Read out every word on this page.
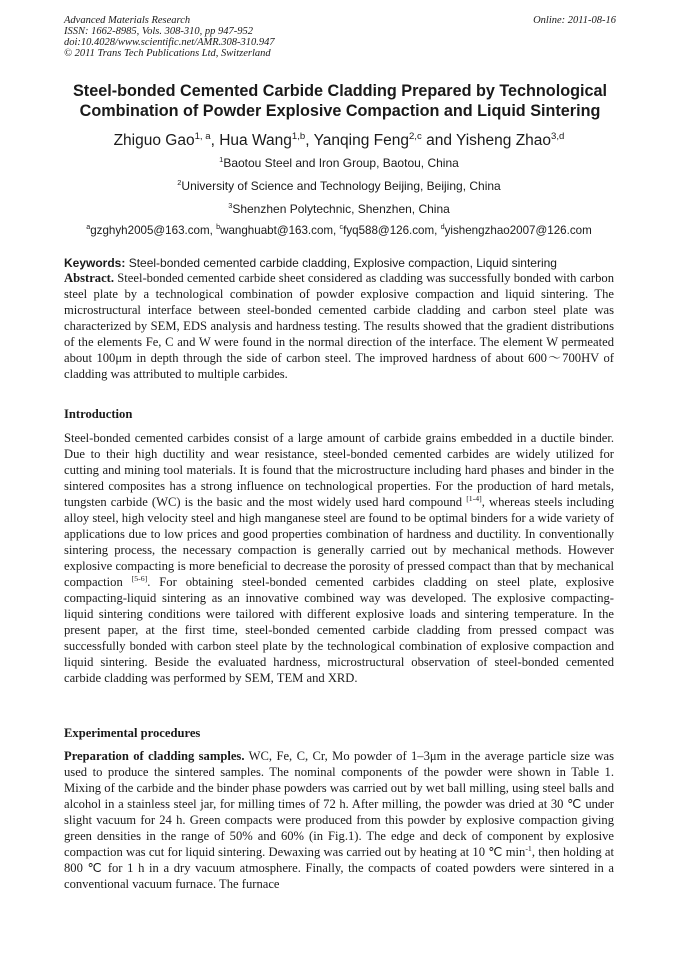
Advanced Materials Research
ISSN: 1662-8985, Vols. 308-310, pp 947-952
doi:10.4028/www.scientific.net/AMR.308-310.947
© 2011 Trans Tech Publications Ltd, Switzerland
Online: 2011-08-16
Steel-bonded Cemented Carbide Cladding Prepared by Technological
Combination of Powder Explosive Compaction and Liquid Sintering
Zhiguo Gao$^{1, a}$, Hua Wang$^{1,b}$, Yanqing Feng$^{2,c}$ and Yisheng Zhao$^{3,d}$
$^1$Baotou Steel and Iron Group, Baotou, China
$^2$University of Science and Technology Beijing, Beijing, China
$^3$Shenzhen Polytechnic, Shenzhen, China
$^a$gzghyh2005@163.com, $^b$wanghuabt@163.com, $^c$fyq588@126.com, $^d$yishengzhao2007@126.com
Keywords: Steel-bonded cemented carbide cladding, Explosive compaction, Liquid sintering
Abstract. Steel-bonded cemented carbide sheet considered as cladding was successfully bonded with carbon steel plate by a technological combination of powder explosive compaction and liquid sintering. The microstructural interface between steel-bonded cemented carbide cladding and carbon steel plate was characterized by SEM, EDS analysis and hardness testing. The results showed that the gradient distributions of the elements Fe, C and W were found in the normal direction of the interface. The element W permeated about 100μm in depth through the side of carbon steel. The improved hardness of about 600～700HV of cladding was attributed to multiple carbides.
Introduction
Steel-bonded cemented carbides consist of a large amount of carbide grains embedded in a ductile binder. Due to their high ductility and wear resistance, steel-bonded cemented carbides are widely utilized for cutting and mining tool materials. It is found that the microstructure including hard phases and binder in the sintered composites has a strong influence on technological properties. For the production of hard metals, tungsten carbide (WC) is the basic and the most widely used hard compound [1-4], whereas steels including alloy steel, high velocity steel and high manganese steel are found to be optimal binders for a wide variety of applications due to low prices and good properties combination of hardness and ductility. In conventionally sintering process, the necessary compaction is generally carried out by mechanical methods. However explosive compacting is more beneficial to decrease the porosity of pressed compact than that by mechanical compaction [5-6]. For obtaining steel-bonded cemented carbides cladding on steel plate, explosive compacting-liquid sintering as an innovative combined way was developed. The explosive compacting-liquid sintering conditions were tailored with different explosive loads and sintering temperature. In the present paper, at the first time, steel-bonded cemented carbide cladding from pressed compact was successfully bonded with carbon steel plate by the technological combination of explosive compaction and liquid sintering. Beside the evaluated hardness, microstructural observation of steel-bonded cemented carbide cladding was performed by SEM, TEM and XRD.
Experimental procedures
Preparation of cladding samples. WC, Fe, C, Cr, Mo powder of 1–3μm in the average particle size was used to produce the sintered samples. The nominal components of the powder were shown in Table 1. Mixing of the carbide and the binder phase powders was carried out by wet ball milling, using steel balls and alcohol in a stainless steel jar, for milling times of 72 h. After milling, the powder was dried at 30 ℃ under slight vacuum for 24 h. Green compacts were produced from this powder by explosive compaction giving green densities in the range of 50% and 60% (in Fig.1). The edge and deck of component by explosive compaction was cut for liquid sintering. Dewaxing was carried out by heating at 10 ℃ $\min^{-1}$, then holding at 800 ℃ for 1 h in a dry vacuum atmosphere. Finally, the compacts of coated powders were sintered in a conventional vacuum furnace. The furnace
